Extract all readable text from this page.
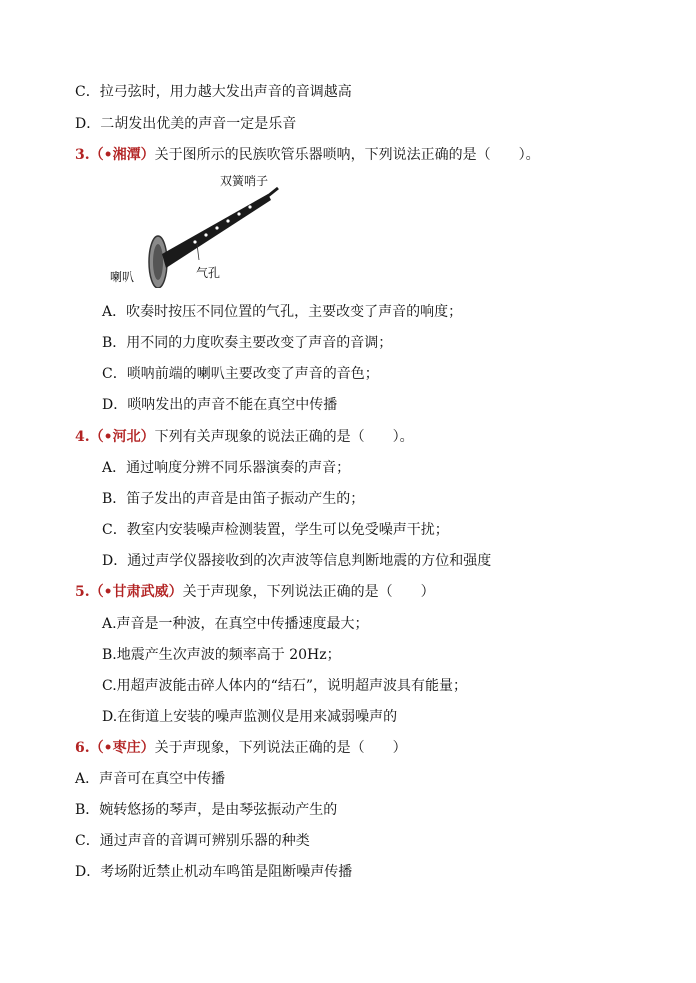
C．拉弓弦时，用力越大发出声音的音调越高
D．二胡发出优美的声音一定是乐音
3.（•湘潭）关于图所示的民族吹管乐器唢呐，下列说法正确的是（　　）。
双簧哨子
喇叭	气孔
A．吹奏时按压不同位置的气孔，主要改变了声音的响度；
B．用不同的力度吹奏主要改变了声音的音调；
C．唢呐前端的喇叭主要改变了声音的音色；
D．唢呐发出的声音不能在真空中传播
4.（•河北）下列有关声现象的说法正确的是（　　）。
A．通过响度分辨不同乐器演奏的声音；
B．笛子发出的声音是由笛子振动产生的；
C．教室内安装噪声检测装置，学生可以免受噪声干扰；
D．通过声学仪器接收到的次声波等信息判断地震的方位和强度
5.（•甘肃武威）关于声现象，下列说法正确的是（　　）
A.声音是一种波，在真空中传播速度最大；
B.地震产生次声波的频率高于 20Hz；
C.用超声波能击碎人体内的“结石”，说明超声波具有能量；
D.在街道上安装的噪声监测仪是用来减弱噪声的
6.（•枣庄）关于声现象，下列说法正确的是（　　）
A．声音可在真空中传播
B．婉转悠扬的琴声，是由琴弦振动产生的
C．通过声音的音调可辨别乐器的种类
D．考场附近禁止机动车鸣笛是阻断噪声传播
